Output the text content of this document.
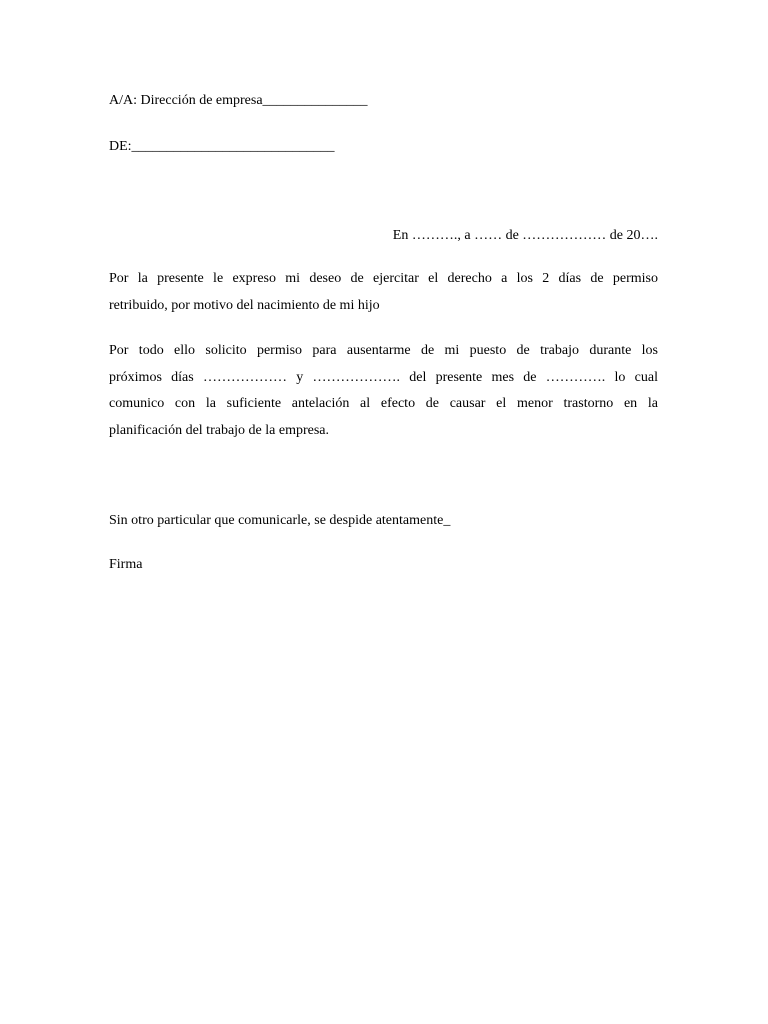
A/A: Dirección de empresa_______________
DE:_____________________________
En ………., a …… de ……………… de 20….
Por la presente le expreso mi deseo de ejercitar el derecho a los 2 días de permiso
retribuido, por motivo del nacimiento de mi hijo
Por todo ello solicito permiso para ausentarme de mi puesto de trabajo durante los
próximos días ……………… y ………………. del presente mes de …………. lo cual
comunico con la suficiente antelación al efecto de causar el menor trastorno en la
planificación del trabajo de la empresa.
Sin otro particular que comunicarle, se despide atentamente_
Firma
